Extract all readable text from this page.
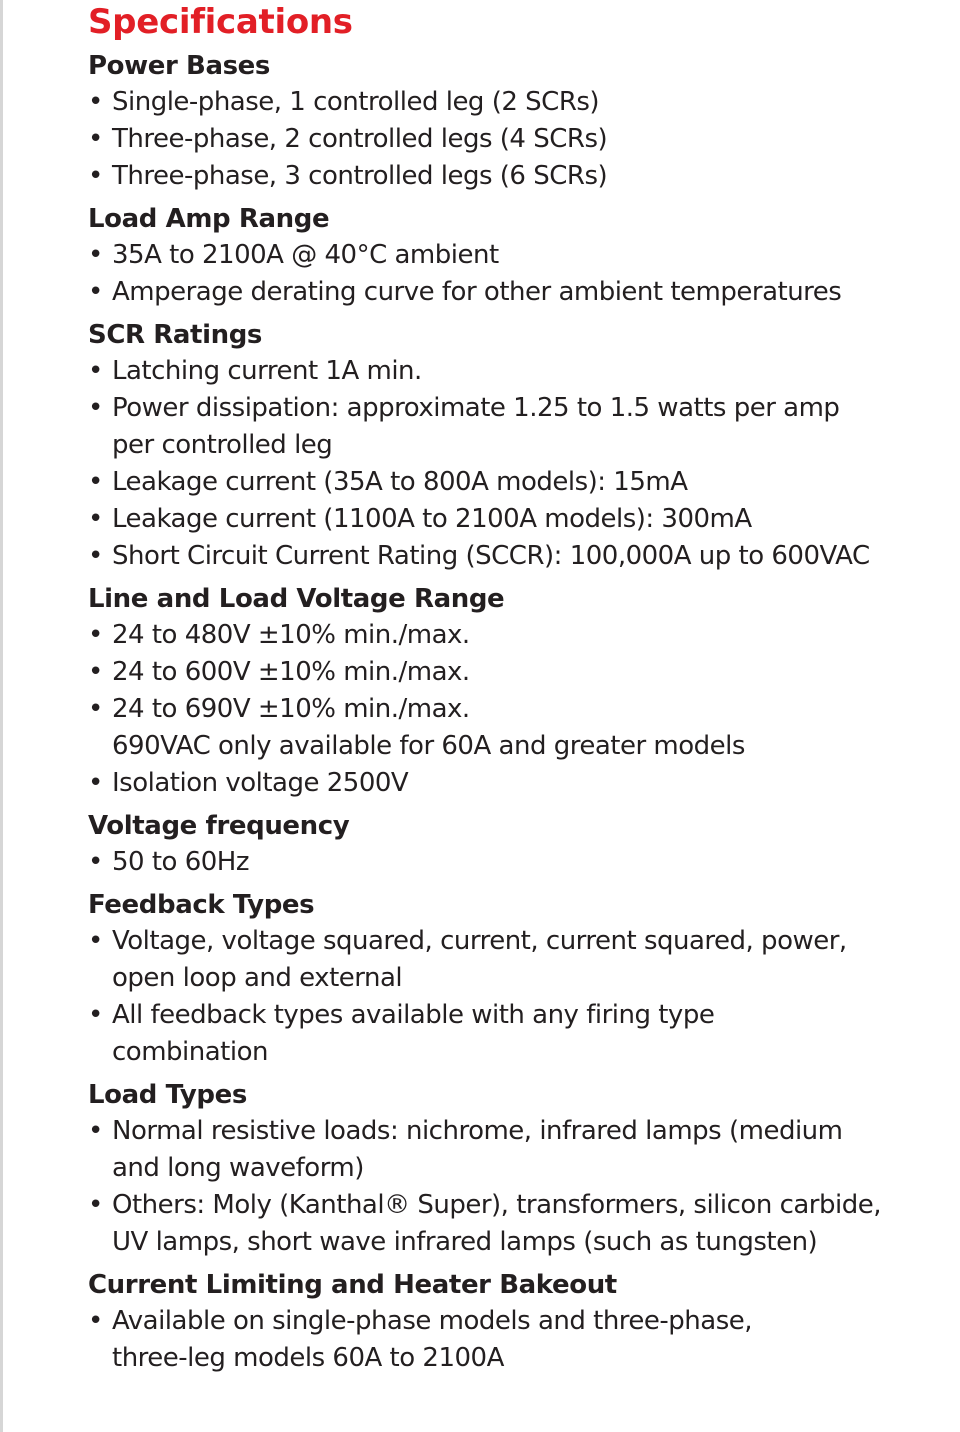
Specifications
Power Bases
• Single-phase, 1 controlled leg (2 SCRs)
• Three-phase, 2 controlled legs (4 SCRs)
• Three-phase, 3 controlled legs (6 SCRs)
Load Amp Range
• 35A to 2100A @ 40°C ambient
• Amperage derating curve for other ambient temperatures
SCR Ratings
• Latching current 1A min.
• Power dissipation: approximate 1.25 to 1.5 watts per amp
per controlled leg
• Leakage current (35A to 800A models): 15mA
• Leakage current (1100A to 2100A models): 300mA
• Short Circuit Current Rating (SCCR): 100,000A up to 600VAC
Line and Load Voltage Range
• 24 to 480V ±10% min./max.
• 24 to 600V ±10% min./max.
• 24 to 690V ±10% min./max.
690VAC only available for 60A and greater models
• Isolation voltage 2500V
Voltage frequency
• 50 to 60Hz
Feedback Types
• Voltage, voltage squared, current, current squared, power,
open loop and external
• All feedback types available with any firing type
combination
Load Types
• Normal resistive loads: nichrome, infrared lamps (medium
and long waveform)
• Others: Moly (Kanthal® Super), transformers, silicon carbide,
UV lamps, short wave infrared lamps (such as tungsten)
Current Limiting and Heater Bakeout
• Available on single-phase models and three-phase,
three-leg models 60A to 2100A
